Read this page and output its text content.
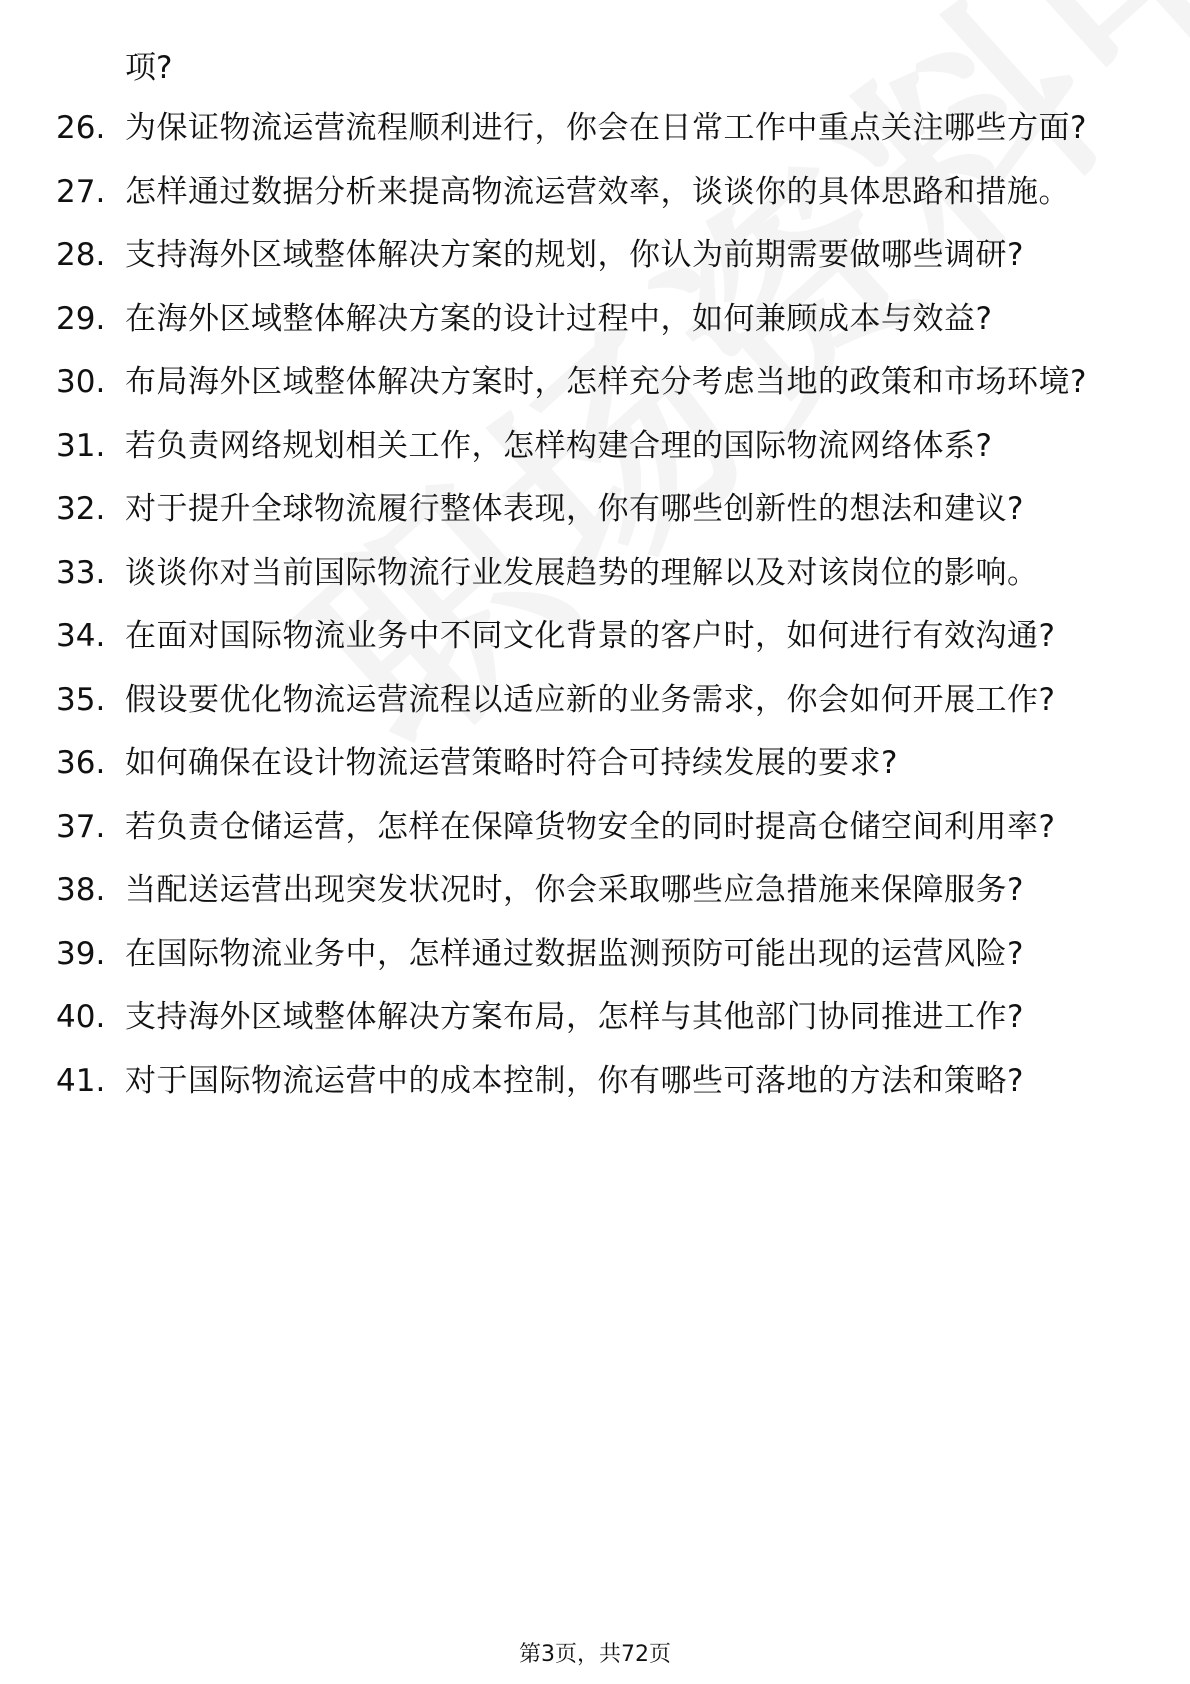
项?

26. 为保证物流运营流程顺利进行，你会在日常工作中重点关注哪些方面?
27. 怎样通过数据分析来提高物流运营效率，谈谈你的具体思路和措施。
28. 支持海外区域整体解决方案的规划，你认为前期需要做哪些调研?
29. 在海外区域整体解决方案的设计过程中，如何兼顾成本与效益?
30. 布局海外区域整体解决方案时，怎样充分考虑当地的政策和市场环境?
31. 若负责网络规划相关工作，怎样构建合理的国际物流网络体系?
32. 对于提升全球物流履行整体表现，你有哪些创新性的想法和建议?
33. 谈谈你对当前国际物流行业发展趋势的理解以及对该岗位的影响。
34. 在面对国际物流业务中不同文化背景的客户时，如何进行有效沟通?
35. 假设要优化物流运营流程以适应新的业务需求，你会如何开展工作?
36. 如何确保在设计物流运营策略时符合可持续发展的要求?
37. 若负责仓储运营，怎样在保障货物安全的同时提高仓储空间利用率?
38. 当配送运营出现突发状况时，你会采取哪些应急措施来保障服务?
39. 在国际物流业务中，怎样通过数据监测预防可能出现的运营风险?
40. 支持海外区域整体解决方案布局，怎样与其他部门协同推进工作?
41. 对于国际物流运营中的成本控制，你有哪些可落地的方法和策略?
第3页，共72页
